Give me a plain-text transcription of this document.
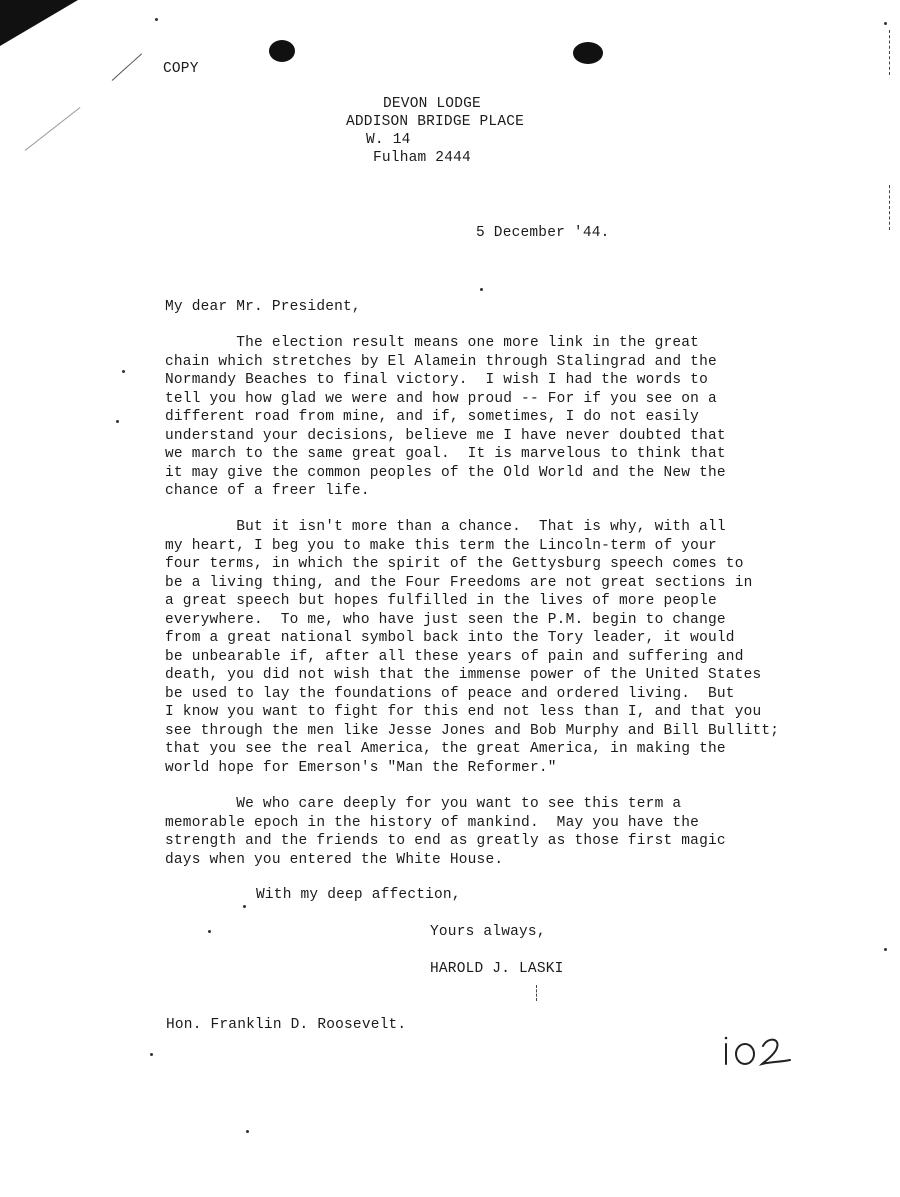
COPY
DEVON LODGE
ADDISON BRIDGE PLACE
W. 14
Fulham 2444
5 December '44.
My dear Mr. President,
The election result means one more link in the great
chain which stretches by El Alamein through Stalingrad and the
Normandy Beaches to final victory.  I wish I had the words to
tell you how glad we were and how proud -- For if you see on a
different road from mine, and if, sometimes, I do not easily
understand your decisions, believe me I have never doubted that
we march to the same great goal.  It is marvelous to think that
it may give the common peoples of the Old World and the New the
chance of a freer life.
But it isn't more than a chance.  That is why, with all
my heart, I beg you to make this term the Lincoln-term of your
four terms, in which the spirit of the Gettysburg speech comes to
be a living thing, and the Four Freedoms are not great sections in
a great speech but hopes fulfilled in the lives of more people
everywhere.  To me, who have just seen the P.M. begin to change
from a great national symbol back into the Tory leader, it would
be unbearable if, after all these years of pain and suffering and
death, you did not wish that the immense power of the United States
be used to lay the foundations of peace and ordered living.  But
I know you want to fight for this end not less than I, and that you
see through the men like Jesse Jones and Bob Murphy and Bill Bullitt;
that you see the real America, the great America, in making the
world hope for Emerson's "Man the Reformer."
We who care deeply for you want to see this term a
memorable epoch in the history of mankind.  May you have the
strength and the friends to end as greatly as those first magic
days when you entered the White House.
With my deep affection,
Yours always,
HAROLD J. LASKI
Hon. Franklin D. Roosevelt.
